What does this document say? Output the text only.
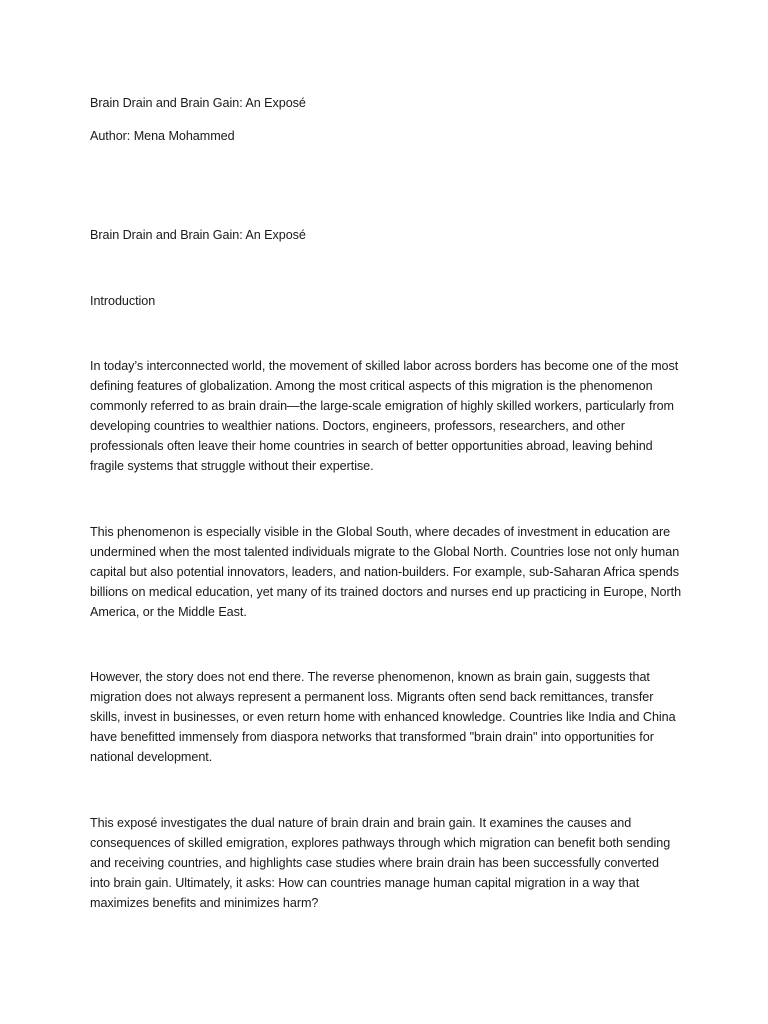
Brain Drain and Brain Gain: An Exposé

Author: Mena Mohammed

Brain Drain and Brain Gain: An Exposé

Introduction

In today’s interconnected world, the movement of skilled labor across borders has become one of the most defining features of globalization. Among the most critical aspects of this migration is the phenomenon commonly referred to as brain drain—the large-scale emigration of highly skilled workers, particularly from developing countries to wealthier nations. Doctors, engineers, professors, researchers, and other professionals often leave their home countries in search of better opportunities abroad, leaving behind fragile systems that struggle without their expertise.

This phenomenon is especially visible in the Global South, where decades of investment in education are undermined when the most talented individuals migrate to the Global North. Countries lose not only human capital but also potential innovators, leaders, and nation-builders. For example, sub-Saharan Africa spends billions on medical education, yet many of its trained doctors and nurses end up practicing in Europe, North America, or the Middle East.

However, the story does not end there. The reverse phenomenon, known as brain gain, suggests that migration does not always represent a permanent loss. Migrants often send back remittances, transfer skills, invest in businesses, or even return home with enhanced knowledge. Countries like India and China have benefitted immensely from diaspora networks that transformed "brain drain" into opportunities for national development.

This exposé investigates the dual nature of brain drain and brain gain. It examines the causes and consequences of skilled emigration, explores pathways through which migration can benefit both sending and receiving countries, and highlights case studies where brain drain has been successfully converted into brain gain. Ultimately, it asks: How can countries manage human capital migration in a way that maximizes benefits and minimizes harm?
